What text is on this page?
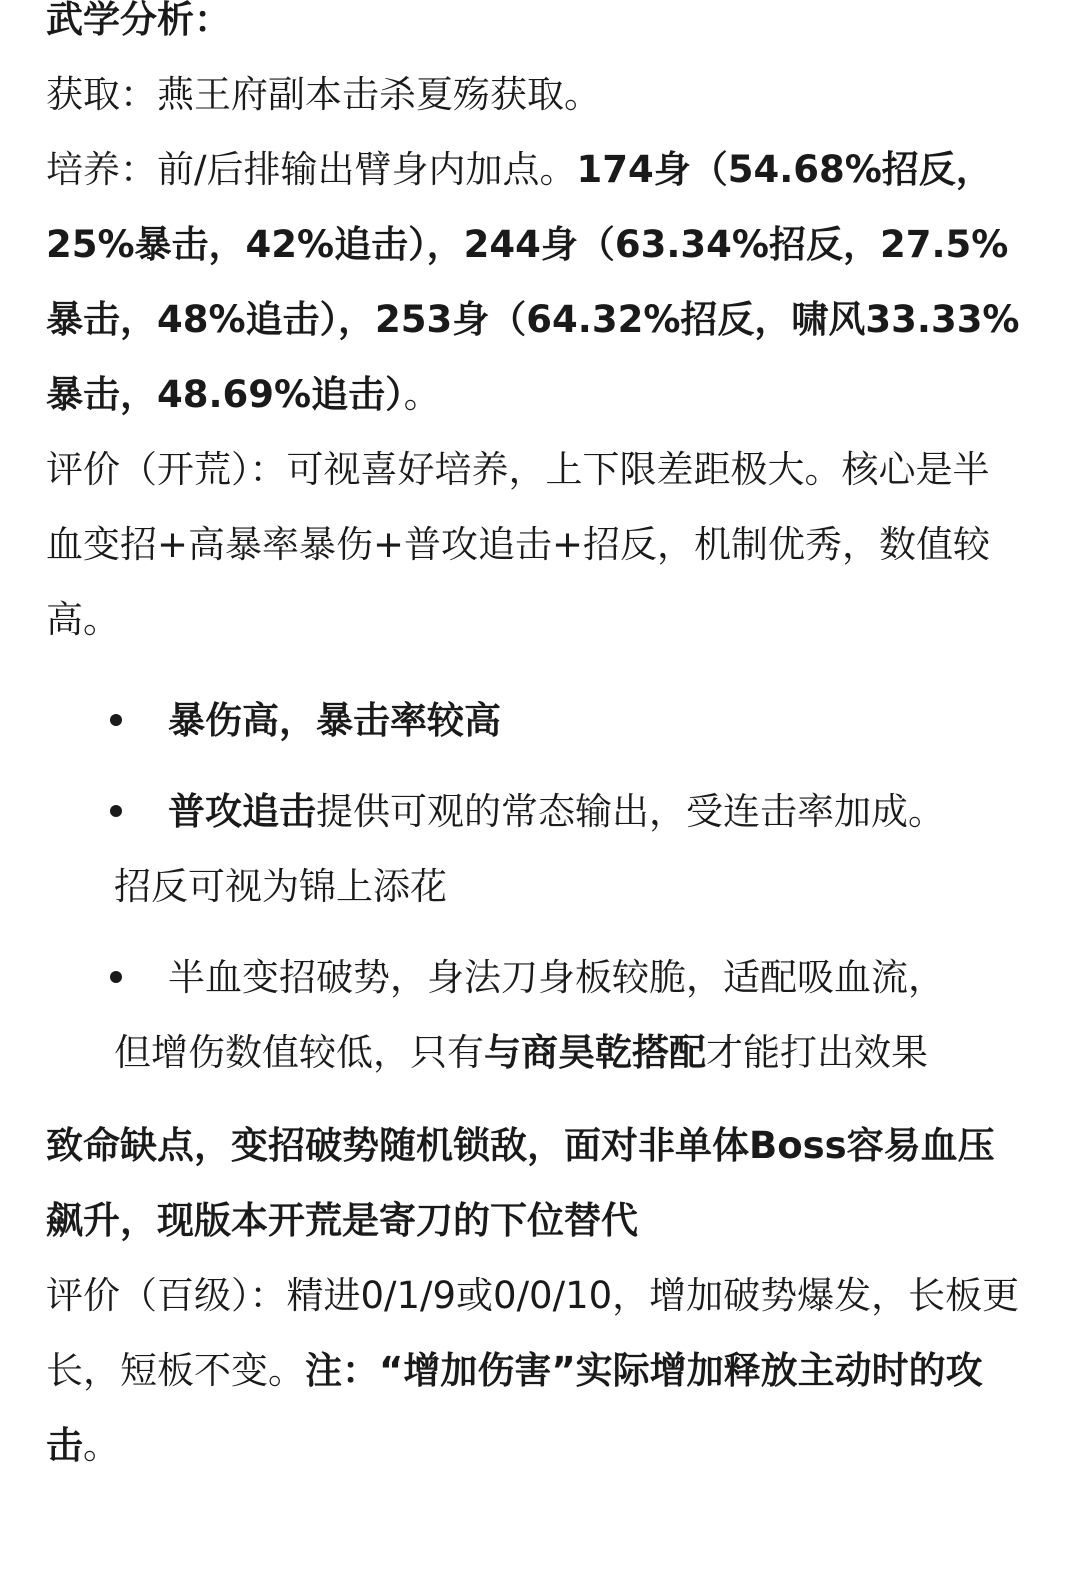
武学分析：

获取：燕王府副本击杀夏殇获取。

培养：前/后排输出臂身内加点。174身（54.68%招反，25%暴击，42%追击），244身（63.34%招反，27.5%暴击，48%追击），253身（64.32%招反，啸风33.33%暴击，48.69%追击）。

评价（开荒）：可视喜好培养，上下限差距极大。核心是半血变招+高暴率暴伤+普攻追击+招反，机制优秀，数值较高。

暴伤高，暴击率较高
普攻追击提供可观的常态输出，受连击率加成。招反可视为锦上添花
半血变招破势，身法刀身板较脆，适配吸血流，但增伤数值较低，只有与商昊乾搭配才能打出效果

致命缺点，变招破势随机锁敌，面对非单体Boss容易血压飙升，现版本开荒是寄刀的下位替代

评价（百级）：精进0/1/9或0/0/10，增加破势爆发，长板更长，短板不变。注：“增加伤害”实际增加释放主动时的攻击。
